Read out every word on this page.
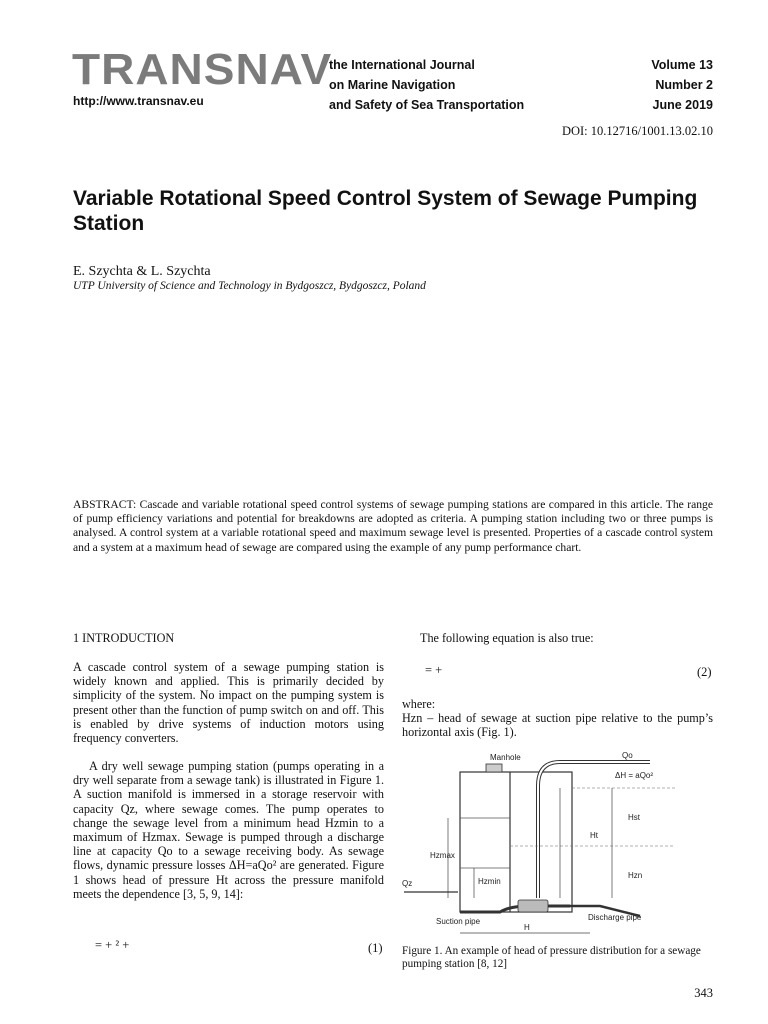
TRANSNAV
http://www.transnav.eu
the International Journal
on Marine Navigation
and Safety of Sea Transportation
Volume 13
Number 2
June 2019
DOI: 10.12716/1001.13.02.10
Variable Rotational Speed Control System of Sewage Pumping Station
E. Szychta & L. Szychta
UTP University of Science and Technology in Bydgoszcz, Bydgoszcz, Poland
ABSTRACT: Cascade and variable rotational speed control systems of sewage pumping stations are compared in this article. The range of pump efficiency variations and potential for breakdowns are adopted as criteria. A pumping station including two or three pumps is analysed. A control system at a variable rotational speed and maximum sewage level is presented. Properties of a cascade control system and a system at a maximum head of sewage are compared using the example of any pump performance chart.
1 INTRODUCTION

A cascade control system of a sewage pumping station is widely known and applied. This is primarily decided by simplicity of the system. No impact on the pumping system is present other than the function of pump switch on and off. This is enabled by drive systems of induction motors using frequency converters.

A dry well sewage pumping station (pumps operating in a dry well separate from a sewage tank) is illustrated in Figure 1. A suction manifold is immersed in a storage reservoir with capacity Qz, where sewage comes. The pump operates to change the sewage level from a minimum head Hzmin to a maximum of Hzmax. Sewage is pumped through a discharge line at capacity Qo to a sewage receiving body. As sewage flows, dynamic pressure losses ΔH=aQo² are generated. Figure 1 shows head of pressure Ht across the pressure manifold meets the dependence [3, 5, 9, 14]:

= + ² +	(1)
The following equation is also true:
= +	(2)
where:
Hzn – head of sewage at suction pipe relative to the pump’s horizontal axis (Fig. 1).
Manhole	Qo
ΔH = aQo²
Hst
Ht
Hzn
Hzmax
Hzmin
Qz
Suction pipe	Discharge pipe
H
Figure 1. An example of head of pressure distribution for a sewage pumping station [8, 12]
343
